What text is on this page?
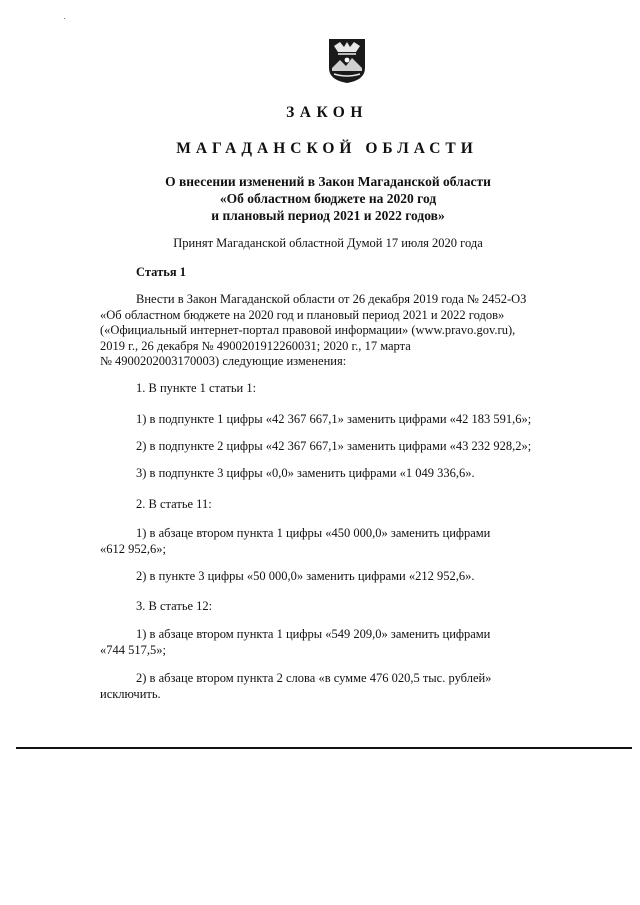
ЗАКОН
МАГАДАНСКОЙ ОБЛАСТИ
О внесении изменений в Закон Магаданской области
«Об областном бюджете на 2020 год
и плановый период 2021 и 2022 годов»
Принят Магаданской областной Думой 17 июля 2020 года
Статья 1
Внести в Закон Магаданской области от 26 декабря 2019 года № 2452-ОЗ
«Об областном бюджете на 2020 год и плановый период 2021 и 2022 годов»
(«Официальный интернет-портал правовой информации» (www.pravo.gov.ru),
2019 г., 26 декабря № 4900201912260031; 2020 г., 17 марта
№ 4900202003170003) следующие изменения:
1. В пункте 1 статьи 1:
1) в подпункте 1 цифры «42 367 667,1» заменить цифрами «42 183 591,6»;
2) в подпункте 2 цифры «42 367 667,1» заменить цифрами «43 232 928,2»;
3) в подпункте 3 цифры «0,0» заменить цифрами «1 049 336,6».
2. В статье 11:
1) в абзаце втором пункта 1 цифры «450 000,0» заменить цифрами
«612 952,6»;
2) в пункте 3 цифры «50 000,0» заменить цифрами «212 952,6».
3. В статье 12:
1) в абзаце втором пункта 1 цифры «549 209,0» заменить цифрами
«744 517,5»;
2) в абзаце втором пункта 2 слова «в сумме 476 020,5 тыс. рублей»
исключить.
